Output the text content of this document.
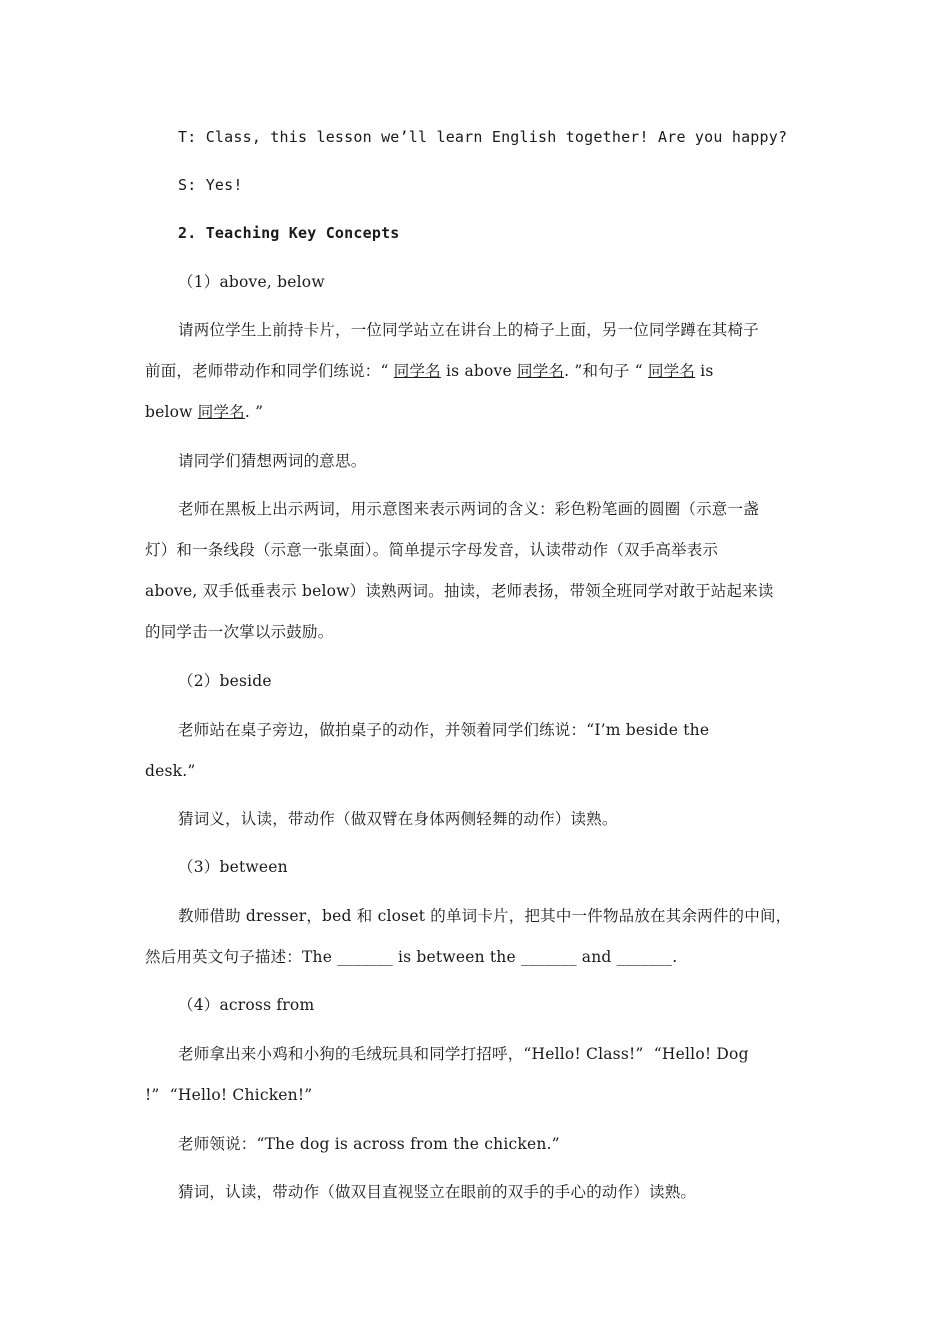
T: Class, this lesson we’ll learn English together! Are you happy?
S: Yes!
2. Teaching Key Concepts
（1）above, below
请两位学生上前持卡片，一位同学站立在讲台上的椅子上面，另一位同学蹲在其椅子
前面，老师带动作和同学们练说：“ 同学名 is above 同学名. ”和句子 “ 同学名 is
below 同学名. ”
请同学们猜想两词的意思。
老师在黑板上出示两词，用示意图来表示两词的含义：彩色粉笔画的圆圈（示意一盏
灯）和一条线段（示意一张桌面）。简单提示字母发音，认读带动作（双手高举表示
above, 双手低垂表示 below）读熟两词。抽读，老师表扬，带领全班同学对敢于站起来读
的同学击一次掌以示鼓励。
（2）beside
老师站在桌子旁边，做拍桌子的动作，并领着同学们练说：“I’m beside the
desk.”
猜词义，认读，带动作（做双臂在身体两侧轻舞的动作）读熟。
（3）between
教师借助 dresser，bed 和 closet 的单词卡片，把其中一件物品放在其余两件的中间，
然后用英文句子描述：The _______ is between the _______ and _______.
（4）across from
老师拿出来小鸡和小狗的毛绒玩具和同学打招呼，“Hello! Class!”  “Hello! Dog
!”  “Hello! Chicken!”
老师领说：“The dog is across from the chicken.”
猜词，认读，带动作（做双目直视竖立在眼前的双手的手心的动作）读熟。
